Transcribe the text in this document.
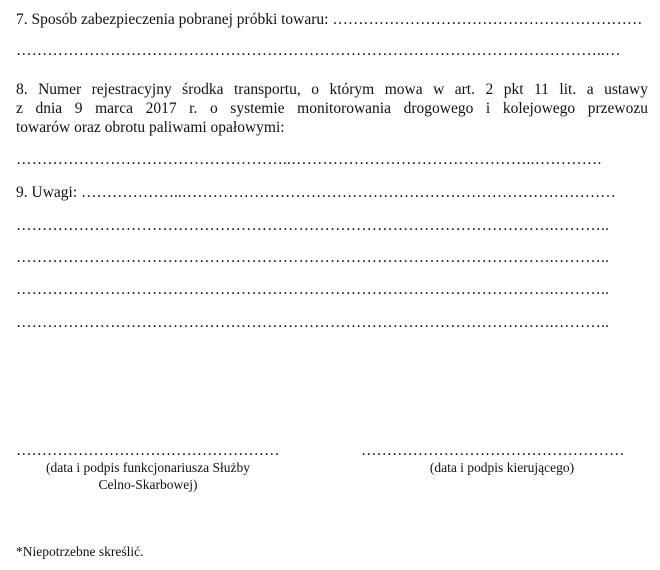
7. Sposób zabezpieczenia pobranej próbki towaru: ……………………………………………………
…………………………………………………………………………………………………..…
8. Numer rejestracyjny środka transportu, o którym mowa w art. 2 pkt 11 lit. a ustawy
z dnia 9 marca 2017 r. o systemie monitorowania drogowego i kolejowego przewozu
towarów oraz obrotu paliwami opałowymi:
……………………………………………..………………………………………..………….
9. Uwagi: ………………..…………………………………………………………………………
………………………………………………………………………………………….………..
………………………………………………………………………………………….………..
………………………………………………………………………………………….………..
………………………………………………………………………………………….………..
……………………………………………
(data i podpis funkcjonariusza Służby
Celno-Skarbowej)
……………………………………………
(data i podpis kierującego)
*Niepotrzebne skreślić.
